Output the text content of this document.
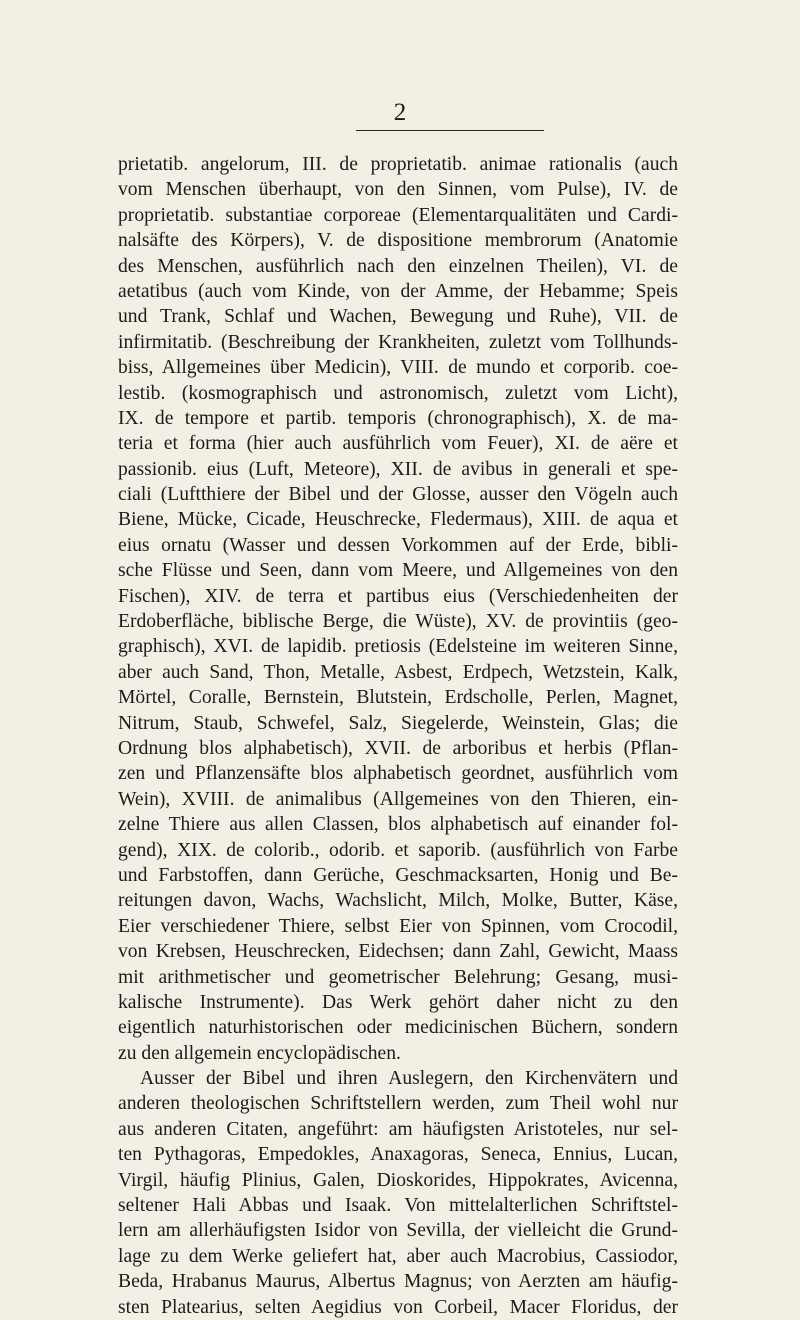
2
prietatib. angelorum, III. de proprietatib. animae rationalis (auch
vom Menschen überhaupt, von den Sinnen, vom Pulse), IV. de
proprietatib. substantiae corporeae (Elementarqualitäten und Cardi-
nalsäfte des Körpers), V. de dispositione membrorum (Anatomie
des Menschen, ausführlich nach den einzelnen Theilen), VI. de
aetatibus (auch vom Kinde, von der Amme, der Hebamme; Speis
und Trank, Schlaf und Wachen, Bewegung und Ruhe), VII. de
infirmitatib. (Beschreibung der Krankheiten, zuletzt vom Tollhunds-
biss, Allgemeines über Medicin), VIII. de mundo et corporib. coe-
lestib. (kosmographisch und astronomisch, zuletzt vom Licht),
IX. de tempore et partib. temporis (chronographisch), X. de ma-
teria et forma (hier auch ausführlich vom Feuer), XI. de aëre et
passionib. eius (Luft, Meteore), XII. de avibus in generali et spe-
ciali (Luftthiere der Bibel und der Glosse, ausser den Vögeln auch
Biene, Mücke, Cicade, Heuschrecke, Fledermaus), XIII. de aqua et
eius ornatu (Wasser und dessen Vorkommen auf der Erde, bibli-
sche Flüsse und Seen, dann vom Meere, und Allgemeines von den
Fischen), XIV. de terra et partibus eius (Verschiedenheiten der
Erdoberfläche, biblische Berge, die Wüste), XV. de provintiis (geo-
graphisch), XVI. de lapidib. pretiosis (Edelsteine im weiteren Sinne,
aber auch Sand, Thon, Metalle, Asbest, Erdpech, Wetzstein, Kalk,
Mörtel, Coralle, Bernstein, Blutstein, Erdscholle, Perlen, Magnet,
Nitrum, Staub, Schwefel, Salz, Siegelerde, Weinstein, Glas; die
Ordnung blos alphabetisch), XVII. de arboribus et herbis (Pflan-
zen und Pflanzensäfte blos alphabetisch geordnet, ausführlich vom
Wein), XVIII. de animalibus (Allgemeines von den Thieren, ein-
zelne Thiere aus allen Classen, blos alphabetisch auf einander fol-
gend), XIX. de colorib., odorib. et saporib. (ausführlich von Farbe
und Farbstoffen, dann Gerüche, Geschmacksarten, Honig und Be-
reitungen davon, Wachs, Wachslicht, Milch, Molke, Butter, Käse,
Eier verschiedener Thiere, selbst Eier von Spinnen, vom Crocodil,
von Krebsen, Heuschrecken, Eidechsen; dann Zahl, Gewicht, Maass
mit arithmetischer und geometrischer Belehrung; Gesang, musi-
kalische Instrumente). Das Werk gehört daher nicht zu den
eigentlich naturhistorischen oder medicinischen Büchern, sondern
zu den allgemein encyclopädischen.
Ausser der Bibel und ihren Auslegern, den Kirchenvätern und
anderen theologischen Schriftstellern werden, zum Theil wohl nur
aus anderen Citaten, angeführt: am häufigsten Aristoteles, nur sel-
ten Pythagoras, Empedokles, Anaxagoras, Seneca, Ennius, Lucan,
Virgil, häufig Plinius, Galen, Dioskorides, Hippokrates, Avicenna,
seltener Hali Abbas und Isaak. Von mittelalterlichen Schriftstel-
lern am allerhäufigsten Isidor von Sevilla, der vielleicht die Grund-
lage zu dem Werke geliefert hat, aber auch Macrobius, Cassiodor,
Beda, Hrabanus Maurus, Albertus Magnus; von Aerzten am häufig-
sten Platearius, selten Aegidius von Corbeil, Macer Floridus, der
